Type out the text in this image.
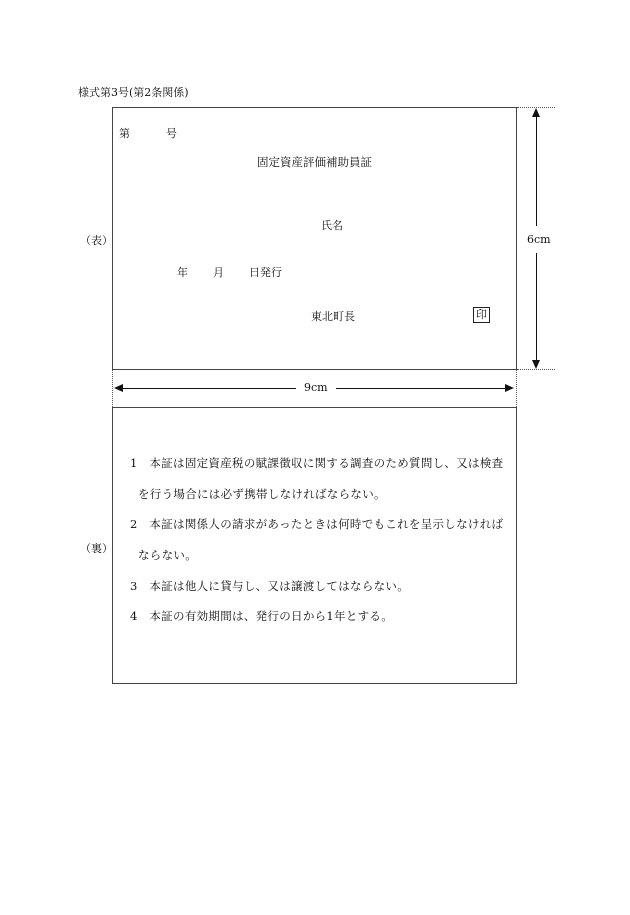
様式第3号(第2条関係)
第	号
固定資産評価補助員証
氏名
年 月 日発行
東北町長	印
（表）	6cm
9cm
1　本証は固定資産税の賦課徴収に関する調査のため質問し、又は検査
を行う場合には必ず携帯しなければならない。
2　本証は関係人の請求があったときは何時でもこれを呈示しなければ
ならない。
3　本証は他人に貸与し、又は譲渡してはならない。
4　本証の有効期間は、発行の日から1年とする。
（裏）
